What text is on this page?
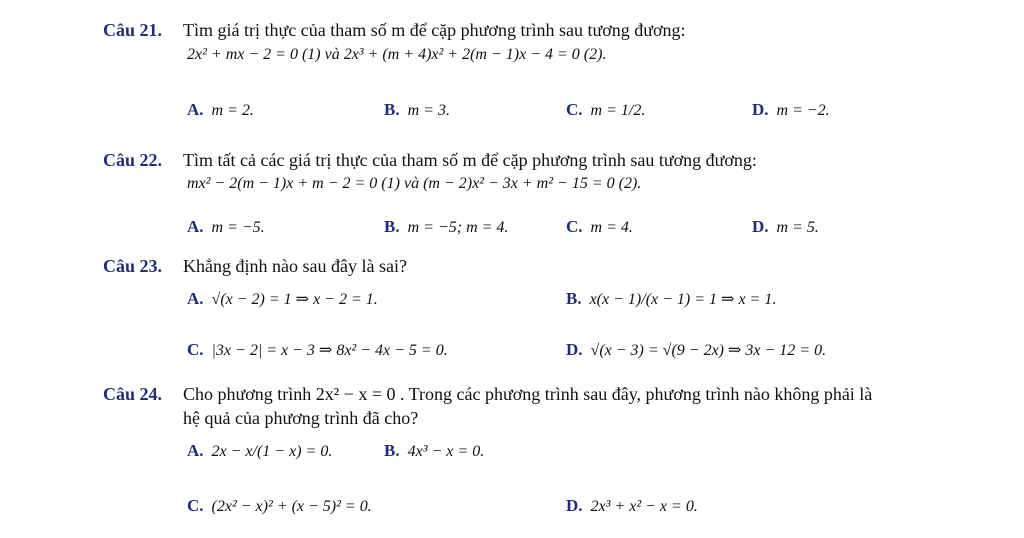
Câu 21. Tìm giá trị thực của tham số m để cặp phương trình sau tương đương:
2x² + mx − 2 = 0 (1) và 2x³ + (m + 4)x² + 2(m − 1)x − 4 = 0 (2).
A. m = 2.	B. m = 3.	C. m = 1/2.	D. m = −2.
Câu 22. Tìm tất cả các giá trị thực của tham số m để cặp phương trình sau tương đương:
mx² − 2(m − 1)x + m − 2 = 0 (1) và (m − 2)x² − 3x + m² − 15 = 0 (2).
A. m = −5.	B. m = −5; m = 4.	C. m = 4.	D. m = 5.
Câu 23. Khẳng định nào sau đây là sai?
A. √(x − 2) = 1 ⇒ x − 2 = 1.	B. x(x − 1)/(x − 1) = 1 ⇒ x = 1.
C. |3x − 2| = x − 3 ⇒ 8x² − 4x − 5 = 0.	D. √(x − 3) = √(9 − 2x) ⇒ 3x − 12 = 0.
Câu 24. Cho phương trình 2x² − x = 0 . Trong các phương trình sau đây, phương trình nào không phải là
hệ quả của phương trình đã cho?
A. 2x − x/(1 − x) = 0.	B. 4x³ − x = 0.
C. (2x² − x)² + (x − 5)² = 0.	D. 2x³ + x² − x = 0.
